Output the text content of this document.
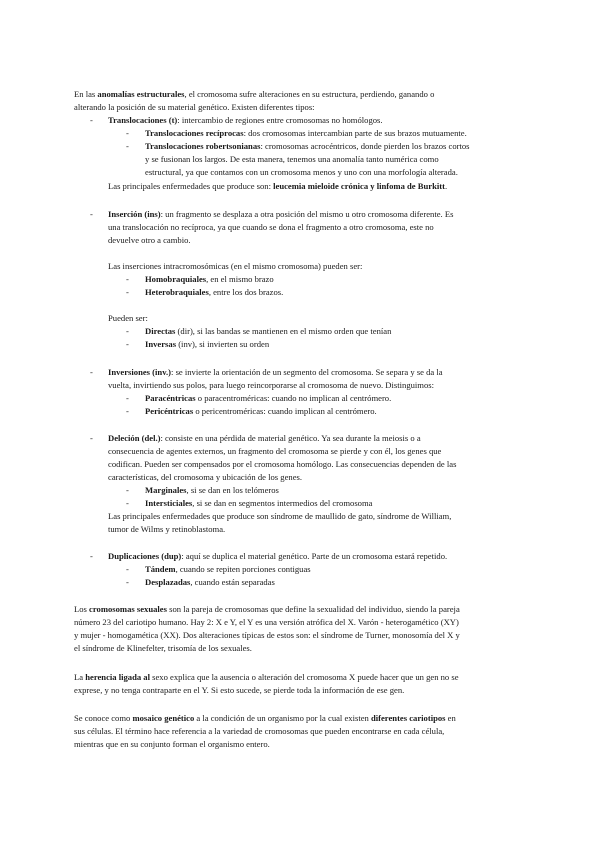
En las anomalías estructurales, el cromosoma sufre alteraciones en su estructura, perdiendo, ganando o
alterando la posición de su material genético. Existen diferentes tipos:
-	Translocaciones (t): intercambio de regiones entre cromosomas no homólogos.
-	Translocaciones recíprocas: dos cromosomas intercambian parte de sus brazos mutuamente.
-	Translocaciones robertsonianas: cromosomas acrocéntricos, donde pierden los brazos cortos
y se fusionan los largos. De esta manera, tenemos una anomalía tanto numérica como
estructural, ya que contamos con un cromosoma menos y uno con una morfología alterada.
Las principales enfermedades que produce son: leucemia mieloide crónica y linfoma de Burkitt.
-	Inserción (ins): un fragmento se desplaza a otra posición del mismo u otro cromosoma diferente. Es
una translocación no recíproca, ya que cuando se dona el fragmento a otro cromosoma, este no
devuelve otro a cambio.
Las inserciones intracromosómicas (en el mismo cromosoma) pueden ser:
-	Homobraquiales, en el mismo brazo
-	Heterobraquiales, entre los dos brazos.
Pueden ser:
-	Directas (dir), si las bandas se mantienen en el mismo orden que tenían
-	Inversas (inv), si invierten su orden
-	Inversiones (inv.): se invierte la orientación de un segmento del cromosoma. Se separa y se da la
vuelta, invirtiendo sus polos, para luego reincorporarse al cromosoma de nuevo. Distinguimos:
-	Paracéntricas o paracentroméricas: cuando no implican al centrómero.
-	Pericéntricas o pericentroméricas: cuando implican al centrómero.
-	Deleción (del.): consiste en una pérdida de material genético. Ya sea durante la meiosis o a
consecuencia de agentes externos, un fragmento del cromosoma se pierde y con él, los genes que
codifican. Pueden ser compensados por el cromosoma homólogo. Las consecuencias dependen de las
características, del cromosoma y ubicación de los genes.
-	Marginales, si se dan en los telómeros
-	Intersticiales, si se dan en segmentos intermedios del cromosoma
Las principales enfermedades que produce son síndrome de maullido de gato, síndrome de William,
tumor de Wilms y retinoblastoma.
-	Duplicaciones (dup): aquí se duplica el material genético. Parte de un cromosoma estará repetido.
-	Tándem, cuando se repiten porciones contiguas
-	Desplazadas, cuando están separadas
Los cromosomas sexuales son la pareja de cromosomas que define la sexualidad del individuo, siendo la pareja
número 23 del cariotipo humano. Hay 2: X e Y, el Y es una versión atrófica del X. Varón - heterogamético (XY)
y mujer - homogamética (XX). Dos alteraciones típicas de estos son: el síndrome de Turner, monosomía del X y
el síndrome de Klinefelter, trisomía de los sexuales.
La herencia ligada al sexo explica que la ausencia o alteración del cromosoma X puede hacer que un gen no se
exprese, y no tenga contraparte en el Y. Si esto sucede, se pierde toda la información de ese gen.
Se conoce como mosaico genético a la condición de un organismo por la cual existen diferentes cariotipos en
sus células. El término hace referencia a la variedad de cromosomas que pueden encontrarse en cada célula,
mientras que en su conjunto forman el organismo entero.
